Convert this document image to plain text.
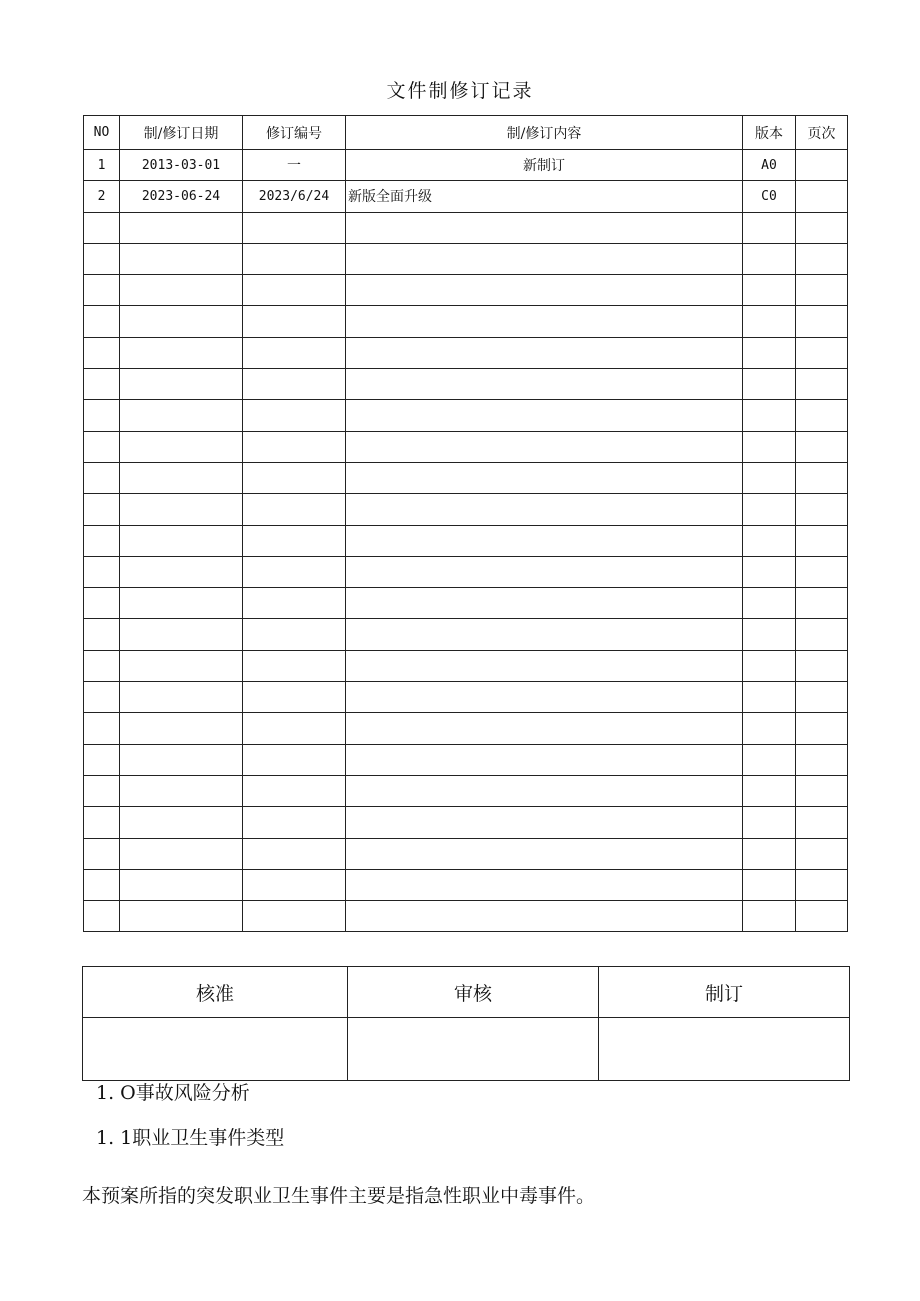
文件制修订记录
NO	制/修订日期	修订编号	制/修订内容	版本	页次
1	2013-03-01	一	新制订	A0	
2	2023-06-24	2023/6/24	新版全面升级	C0	

核准	审核	制订

1. O事故风险分析
1. 1职业卫生事件类型
本预案所指的突发职业卫生事件主要是指急性职业中毒事件。
